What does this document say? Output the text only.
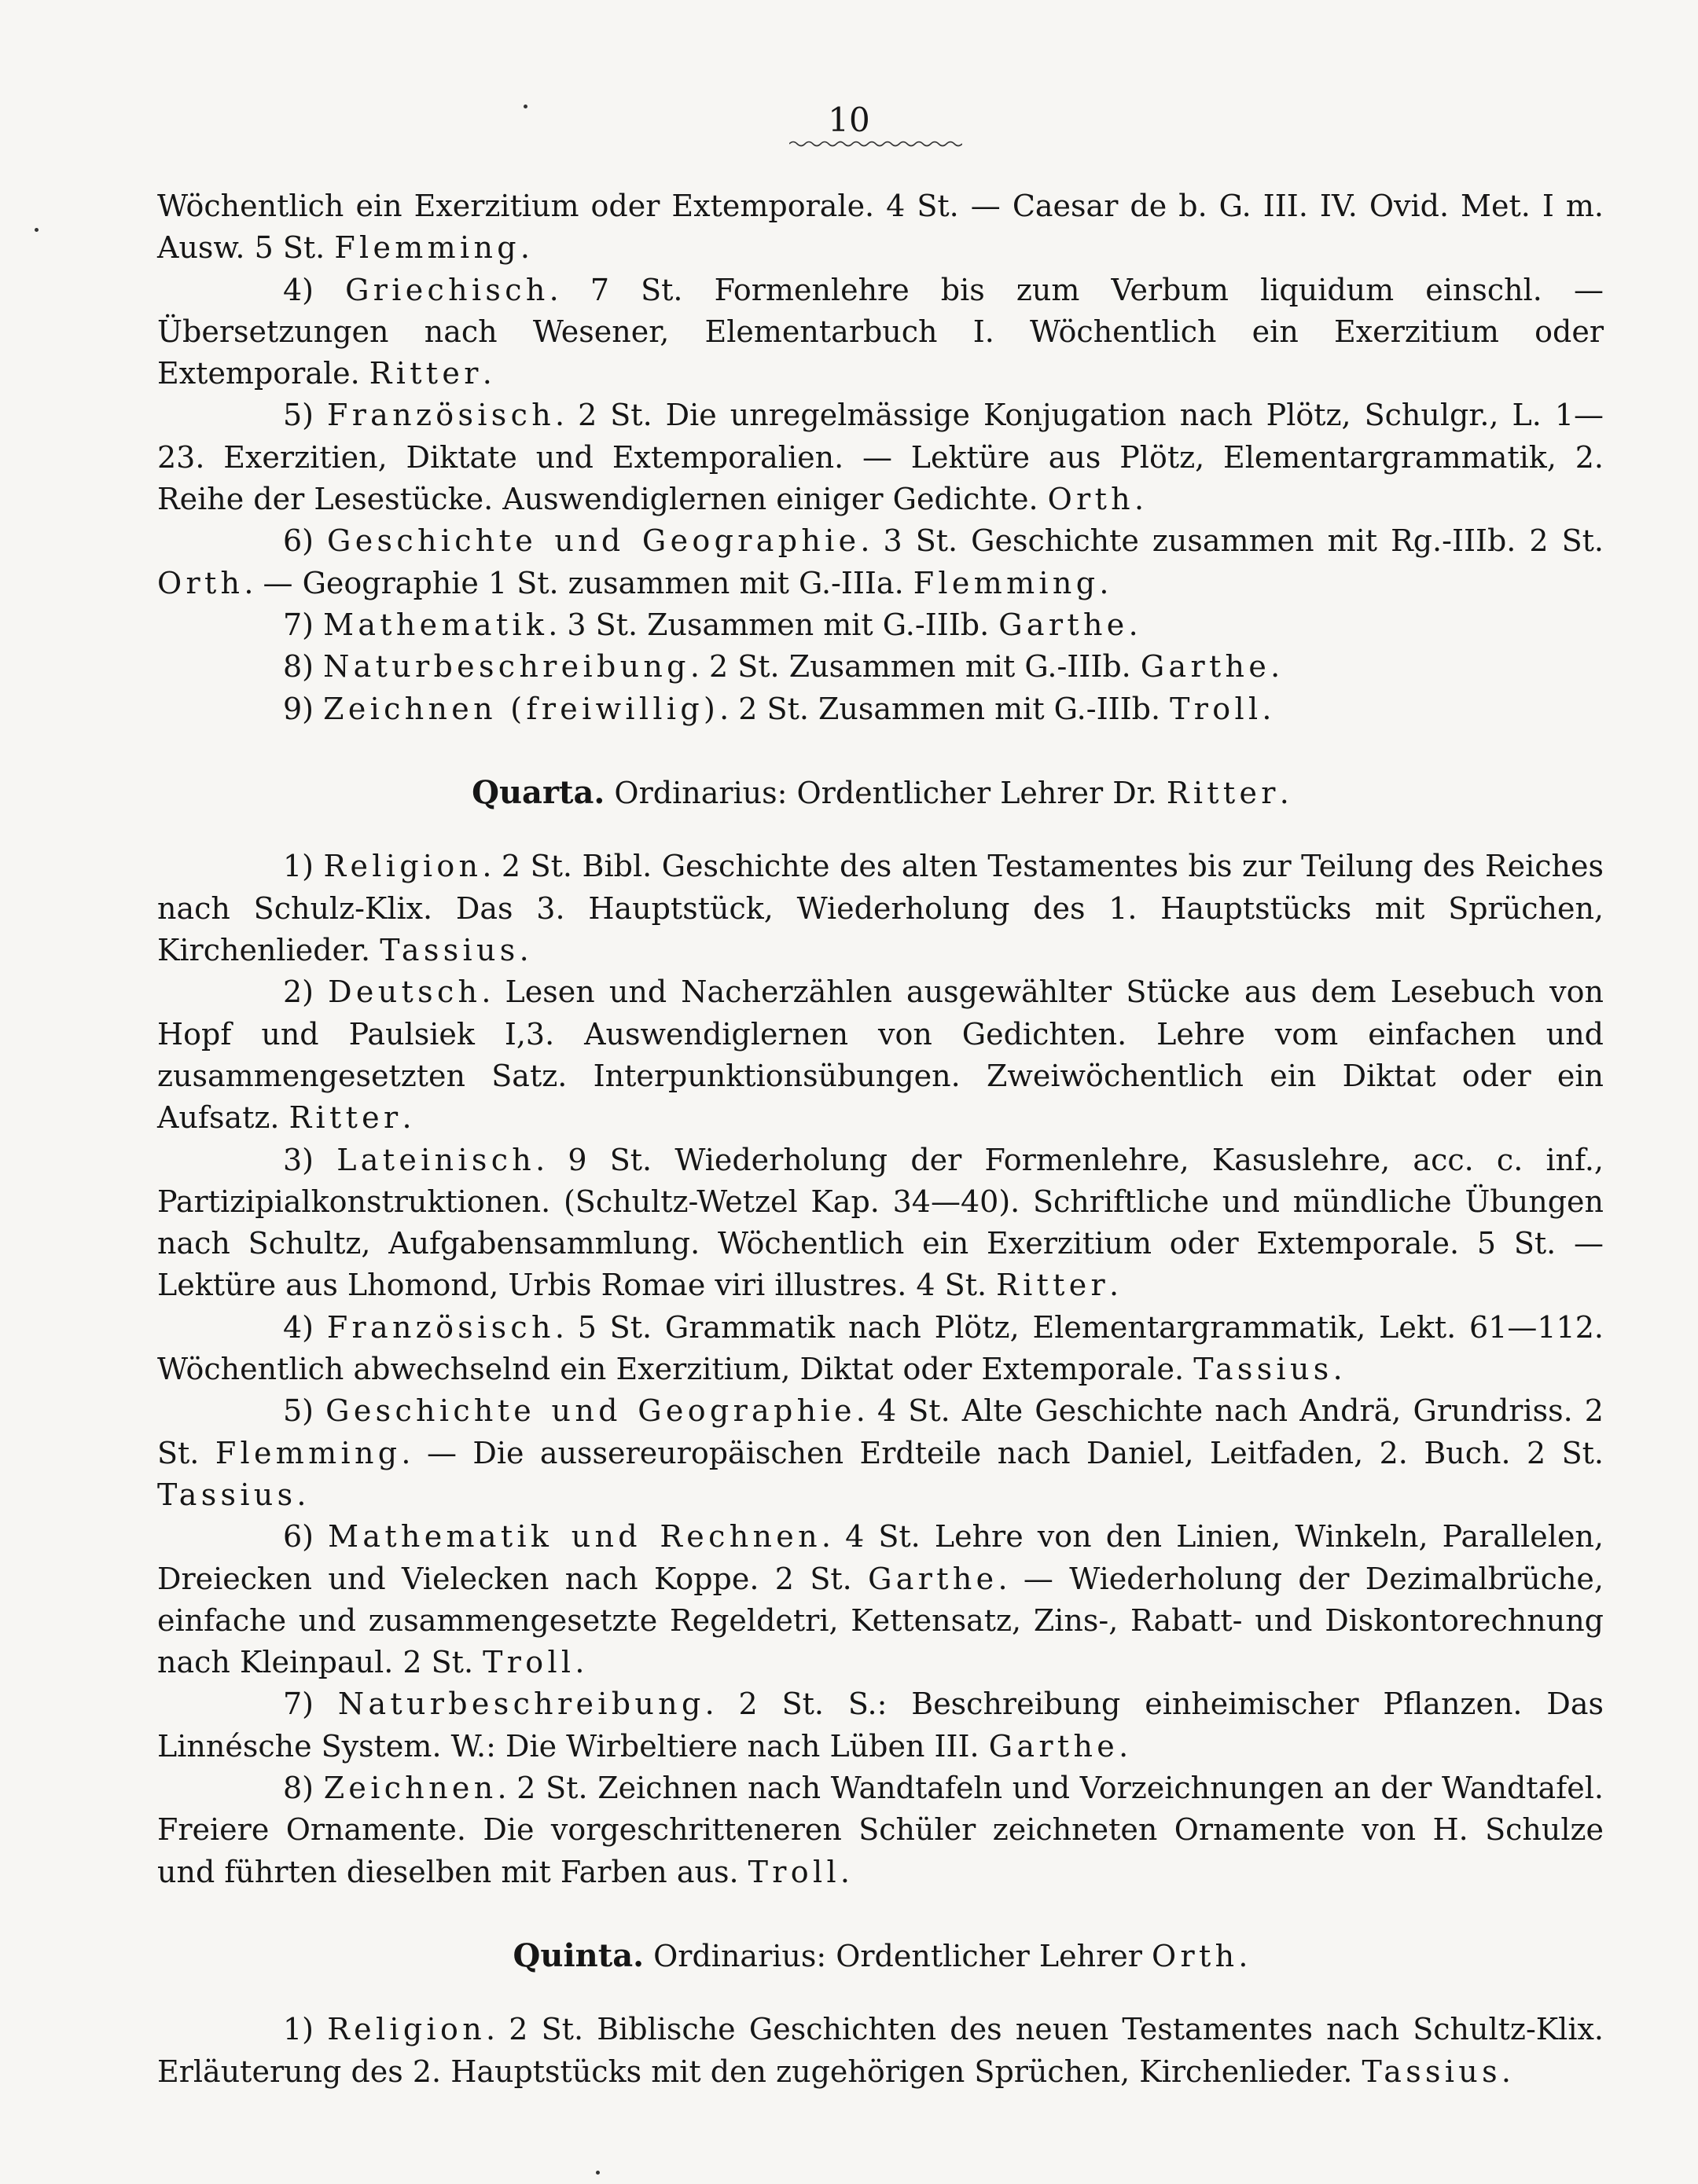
10

Wöchentlich ein Exerzitium oder Extemporale. 4 St. — Caesar de b. G. III. IV. Ovid. Met. I m. Ausw. 5 St. Flemming.

4) Griechisch. 7 St. Formenlehre bis zum Verbum liquidum einschl. — Übersetzungen nach Wesener, Elementarbuch I. Wöchentlich ein Exerzitium oder Extemporale. Ritter.

5) Französisch. 2 St. Die unregelmässige Konjugation nach Plötz, Schulgr., L. 1—23. Exerzitien, Diktate und Extemporalien. — Lektüre aus Plötz, Elementargrammatik, 2. Reihe der Lesestücke. Auswendiglernen einiger Gedichte. Orth.

6) Geschichte und Geographie. 3 St. Geschichte zusammen mit Rg.-IIIb. 2 St. Orth. — Geographie 1 St. zusammen mit G.-IIIa. Flemming.

7) Mathematik. 3 St. Zusammen mit G.-IIIb. Garthe.

8) Naturbeschreibung. 2 St. Zusammen mit G.-IIIb. Garthe.

9) Zeichnen (freiwillig). 2 St. Zusammen mit G.-IIIb. Troll.

Quarta. Ordinarius: Ordentlicher Lehrer Dr. Ritter.

1) Religion. 2 St. Bibl. Geschichte des alten Testamentes bis zur Teilung des Reiches nach Schulz-Klix. Das 3. Hauptstück, Wiederholung des 1. Hauptstücks mit Sprüchen, Kirchenlieder. Tassius.

2) Deutsch. Lesen und Nacherzählen ausgewählter Stücke aus dem Lesebuch von Hopf und Paulsiek I,3. Auswendiglernen von Gedichten. Lehre vom einfachen und zusammengesetzten Satz. Interpunktionsübungen. Zweiwöchentlich ein Diktat oder ein Aufsatz. Ritter.

3) Lateinisch. 9 St. Wiederholung der Formenlehre, Kasuslehre, acc. c. inf., Partizipialkonstruktionen. (Schultz-Wetzel Kap. 34—40). Schriftliche und mündliche Übungen nach Schultz, Aufgabensammlung. Wöchentlich ein Exerzitium oder Extemporale. 5 St. — Lektüre aus Lhomond, Urbis Romae viri illustres. 4 St. Ritter.

4) Französisch. 5 St. Grammatik nach Plötz, Elementargrammatik, Lekt. 61—112. Wöchentlich abwechselnd ein Exerzitium, Diktat oder Extemporale. Tassius.

5) Geschichte und Geographie. 4 St. Alte Geschichte nach Andrä, Grundriss. 2 St. Flemming. — Die aussereuropäischen Erdteile nach Daniel, Leitfaden, 2. Buch. 2 St. Tassius.

6) Mathematik und Rechnen. 4 St. Lehre von den Linien, Winkeln, Parallelen, Dreiecken und Vielecken nach Koppe. 2 St. Garthe. — Wiederholung der Dezimalbrüche, einfache und zusammengesetzte Regeldetri, Kettensatz, Zins-, Rabatt- und Diskontorechnung nach Kleinpaul. 2 St. Troll.

7) Naturbeschreibung. 2 St. S.: Beschreibung einheimischer Pflanzen. Das Linnésche System. W.: Die Wirbeltiere nach Lüben III. Garthe.

8) Zeichnen. 2 St. Zeichnen nach Wandtafeln und Vorzeichnungen an der Wandtafel. Freiere Ornamente. Die vorgeschritteneren Schüler zeichneten Ornamente von H. Schulze und führten dieselben mit Farben aus. Troll.

Quinta. Ordinarius: Ordentlicher Lehrer Orth.

1) Religion. 2 St. Biblische Geschichten des neuen Testamentes nach Schultz-Klix. Erläuterung des 2. Hauptstücks mit den zugehörigen Sprüchen, Kirchenlieder. Tassius.
